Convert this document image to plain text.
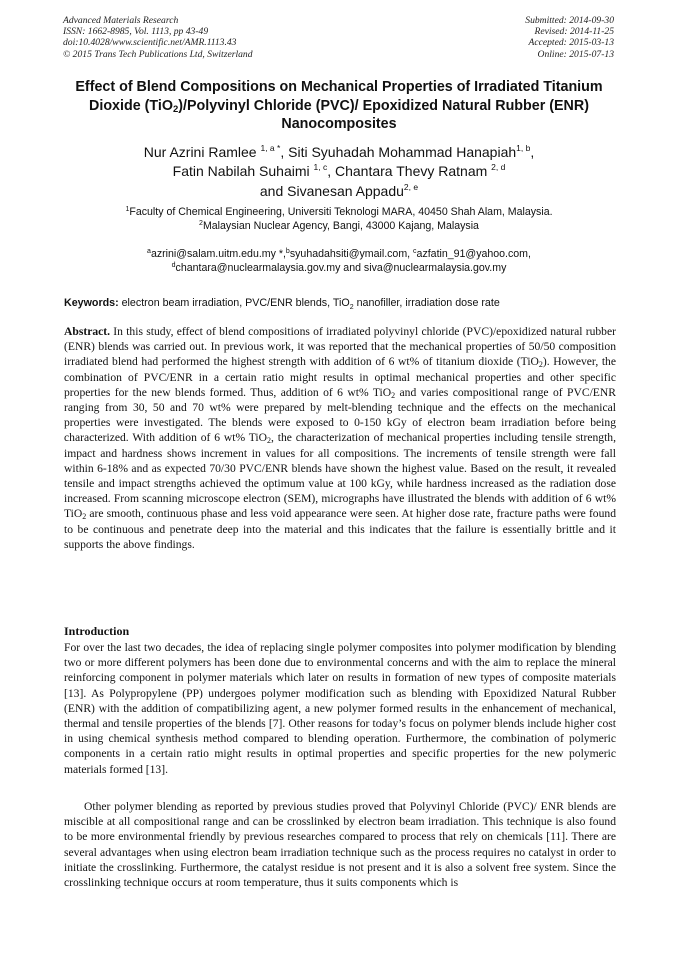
Advanced Materials Research
ISSN: 1662-8985, Vol. 1113, pp 43-49
doi:10.4028/www.scientific.net/AMR.1113.43
© 2015 Trans Tech Publications Ltd, Switzerland
Submitted: 2014-09-30
Revised: 2014-11-25
Accepted: 2015-03-13
Online: 2015-07-13
Effect of Blend Compositions on Mechanical Properties of Irradiated Titanium Dioxide (TiO$_2$)/Polyvinyl Chloride (PVC)/ Epoxidized Natural Rubber (ENR) Nanocomposites
Nur Azrini Ramlee $^{1, a *}$, Siti Syuhadah Mohammad Hanapiah$^{1, b}$,
Fatin Nabilah Suhaimi $^{1, c}$, Chantara Thevy Ratnam $^{2, d}$
and Sivanesan Appadu$^{2, e}$
$^1$Faculty of Chemical Engineering, Universiti Teknologi MARA, 40450 Shah Alam, Malaysia.
$^2$Malaysian Nuclear Agency, Bangi, 43000 Kajang, Malaysia
$^a$azrini@salam.uitm.edu.my *,$^b$syuhadahsiti@ymail.com, $^c$azfatin_91@yahoo.com,
$^d$chantara@nuclearmalaysia.gov.my and siva@nuclearmalaysia.gov.my
Keywords: electron beam irradiation, PVC/ENR blends, TiO$_2$ nanofiller, irradiation dose rate
Abstract. In this study, effect of blend compositions of irradiated polyvinyl chloride (PVC)/epoxidized natural rubber (ENR) blends was carried out. In previous work, it was reported that the mechanical properties of 50/50 composition irradiated blend had performed the highest strength with addition of 6 wt% of titanium dioxide (TiO$_2$). However, the combination of PVC/ENR in a certain ratio might results in optimal mechanical properties and other specific properties for the new blends formed. Thus, addition of 6 wt% TiO$_2$ and varies compositional range of PVC/ENR ranging from 30, 50 and 70 wt% were prepared by melt-blending technique and the effects on the mechanical properties were investigated. The blends were exposed to 0-150 kGy of electron beam irradiation before being characterized. With addition of 6 wt% TiO$_2$, the characterization of mechanical properties including tensile strength, impact and hardness shows increment in values for all compositions. The increments of tensile strength were fall within 6-18% and as expected 70/30 PVC/ENR blends have shown the highest value. Based on the result, it revealed tensile and impact strengths achieved the optimum value at 100 kGy, while hardness increased as the radiation dose increased. From scanning microscope electron (SEM), micrographs have illustrated the blends with addition of 6 wt% TiO$_2$ are smooth, continuous phase and less void appearance were seen. At higher dose rate, fracture paths were found to be continuous and penetrate deep into the material and this indicates that the failure is essentially brittle and it supports the above findings.
Introduction

For over the last two decades, the idea of replacing single polymer composites into polymer modification by blending two or more different polymers has been done due to environmental concerns and with the aim to replace the mineral reinforcing component in polymer materials which later on results in formation of new types of composite materials [13]. As Polypropylene (PP) undergoes polymer modification such as blending with Epoxidized Natural Rubber (ENR) with the addition of compatibilizing agent, a new polymer formed results in the enhancement of mechanical, thermal and tensile properties of the blends [7]. Other reasons for today’s focus on polymer blends include higher cost in using chemical synthesis method compared to blending operation. Furthermore, the combination of polymeric components in a certain ratio might results in optimal properties and specific properties for the new polymeric materials formed [13].

Other polymer blending as reported by previous studies proved that Polyvinyl Chloride (PVC)/ ENR blends are miscible at all compositional range and can be crosslinked by electron beam irradiation. This technique is also found to be more environmental friendly by previous researches compared to process that rely on chemicals [11]. There are several advantages when using electron beam irradiation technique such as the process requires no catalyst in order to initiate the crosslinking. Furthermore, the catalyst residue is not present and it is also a solvent free system. Since the crosslinking technique occurs at room temperature, thus it suits components which is
